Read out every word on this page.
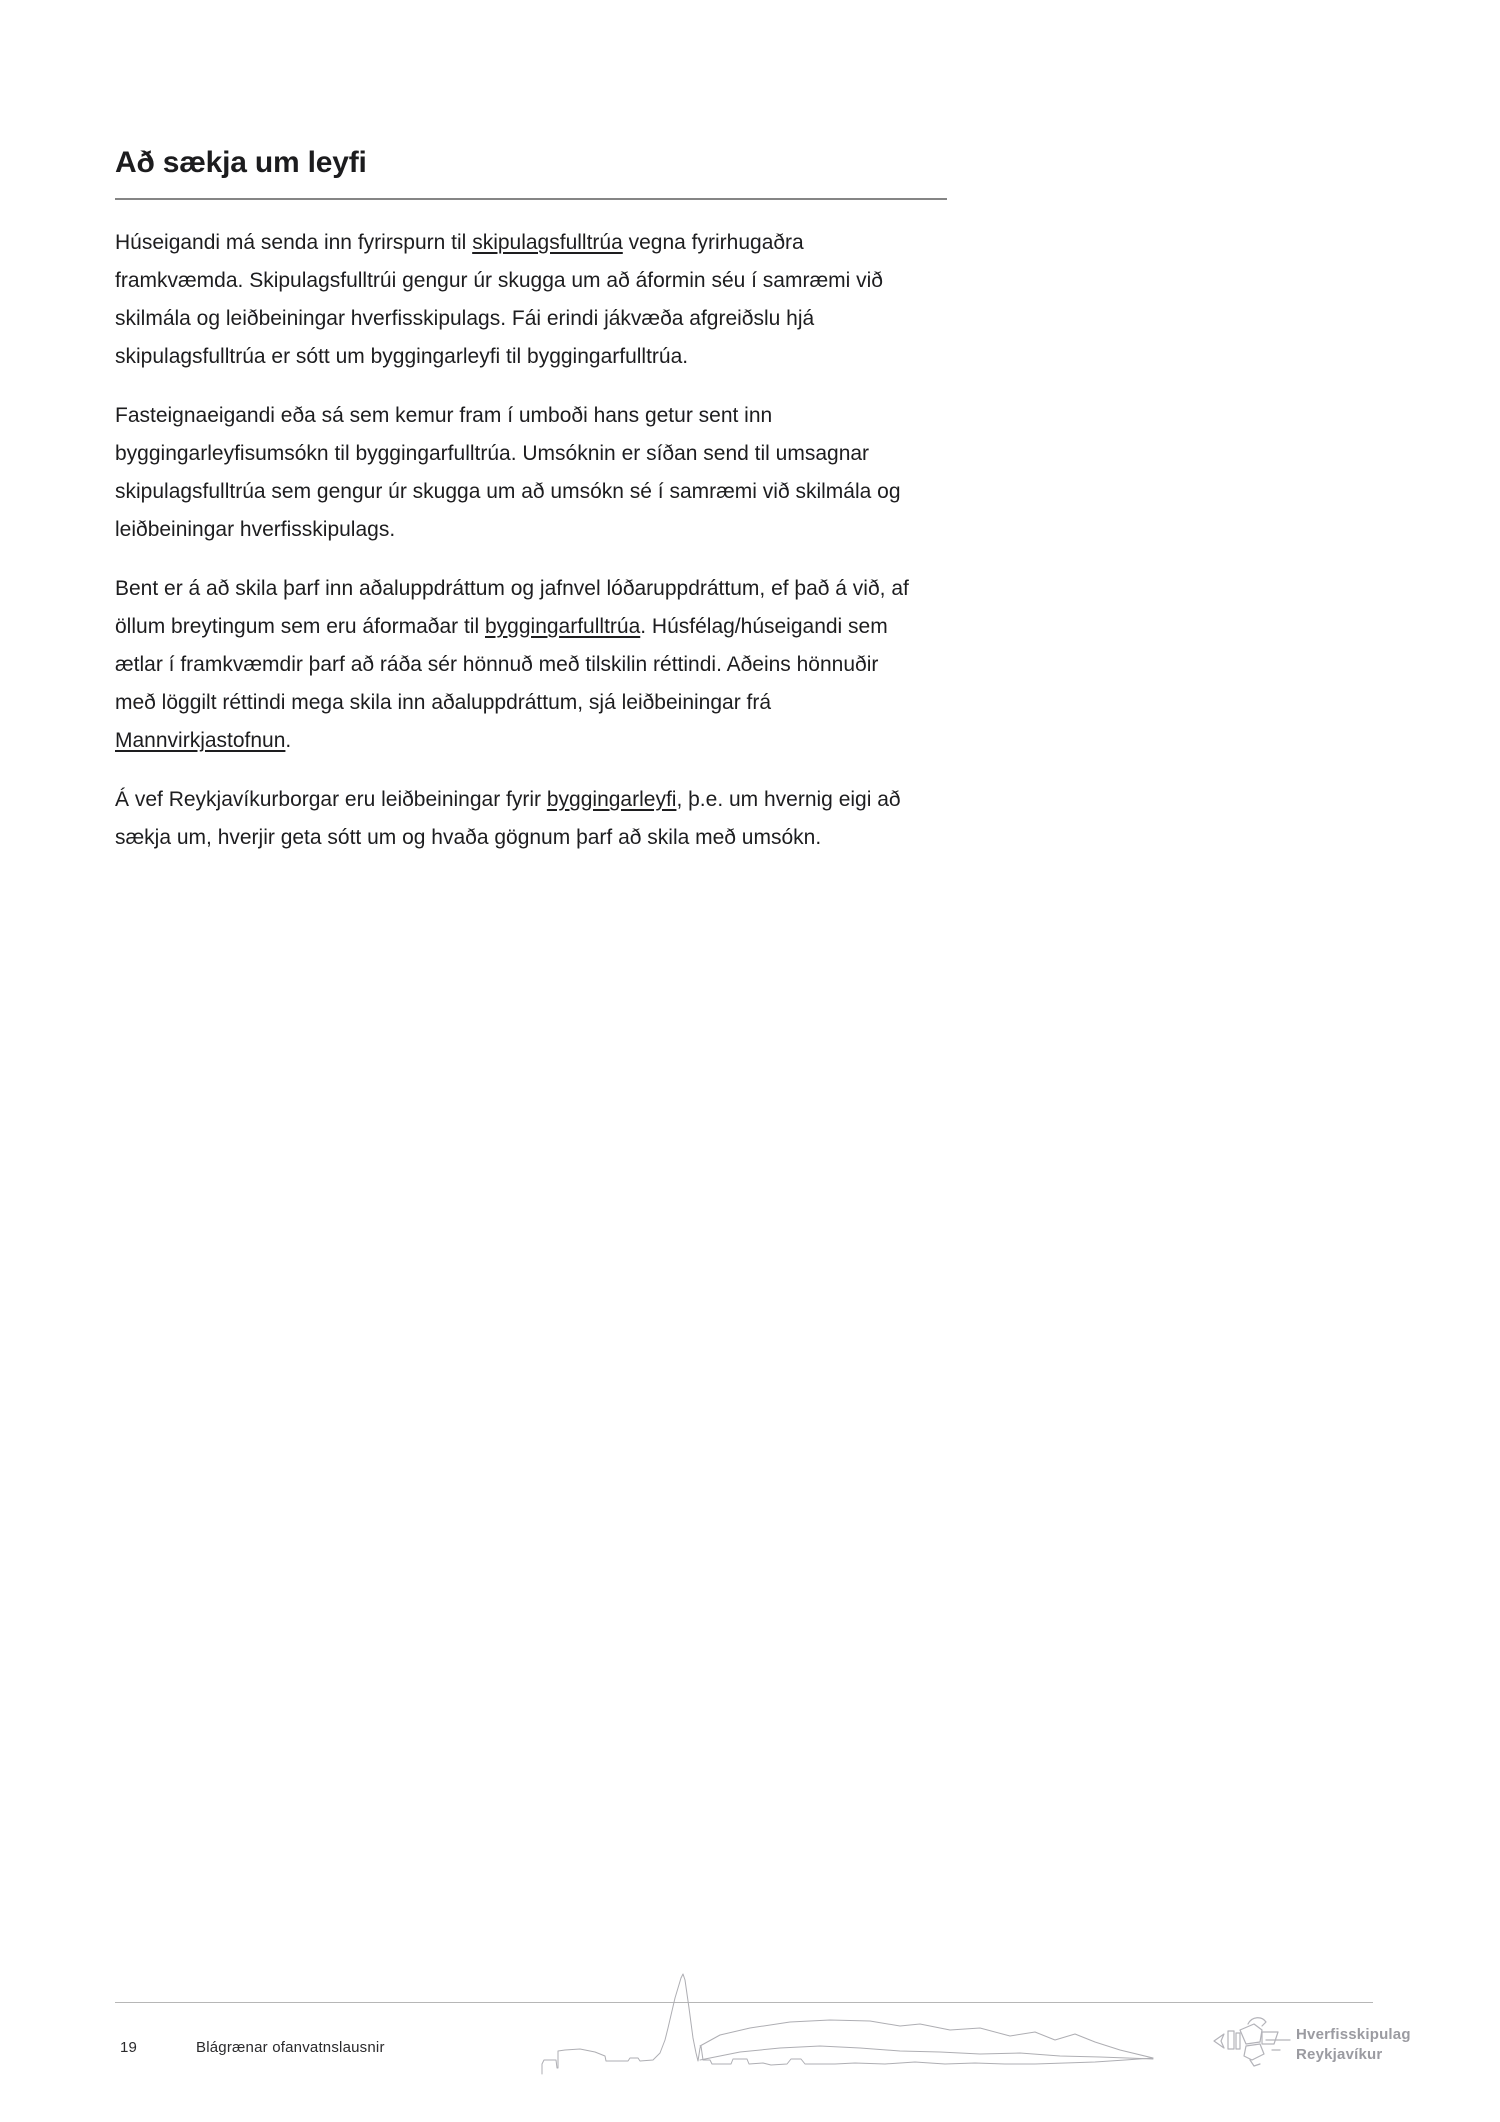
Að sækja um leyfi

Húseigandi má senda inn fyrirspurn til skipulagsfulltrúa vegna fyrirhugaðra framkvæmda. Skipulagsfulltrúi gengur úr skugga um að áformin séu í samræmi við skilmála og leiðbeiningar hverfisskipulags. Fái erindi jákvæða afgreiðslu hjá skipulagsfulltrúa er sótt um byggingarleyfi til byggingarfulltrúa.

Fasteignaeigandi eða sá sem kemur fram í umboði hans getur sent inn byggingarleyfisumsókn til byggingarfulltrúa. Umsóknin er síðan send til umsagnar skipulagsfulltrúa sem gengur úr skugga um að umsókn sé í samræmi við skilmála og leiðbeiningar hverfisskipulags.

Bent er á að skila þarf inn aðaluppdráttum og jafnvel lóðaruppdráttum, ef það á við, af öllum breytingum sem eru áformaðar til byggingarfulltrúa. Húsfélag/húseigandi sem ætlar í framkvæmdir þarf að ráða sér hönnuð með tilskilin réttindi. Aðeins hönnuðir með löggilt réttindi mega skila inn aðaluppdráttum, sjá leiðbeiningar frá Mannvirkjastofnun.

Á vef Reykjavíkurborgar eru leiðbeiningar fyrir byggingarleyfi, þ.e. um hvernig eigi að sækja um, hverjir geta sótt um og hvaða gögnum þarf að skila með umsókn.

19	Blágrænar ofanvatnslausnir
Hverfisskipulag
Reykjavíkur
